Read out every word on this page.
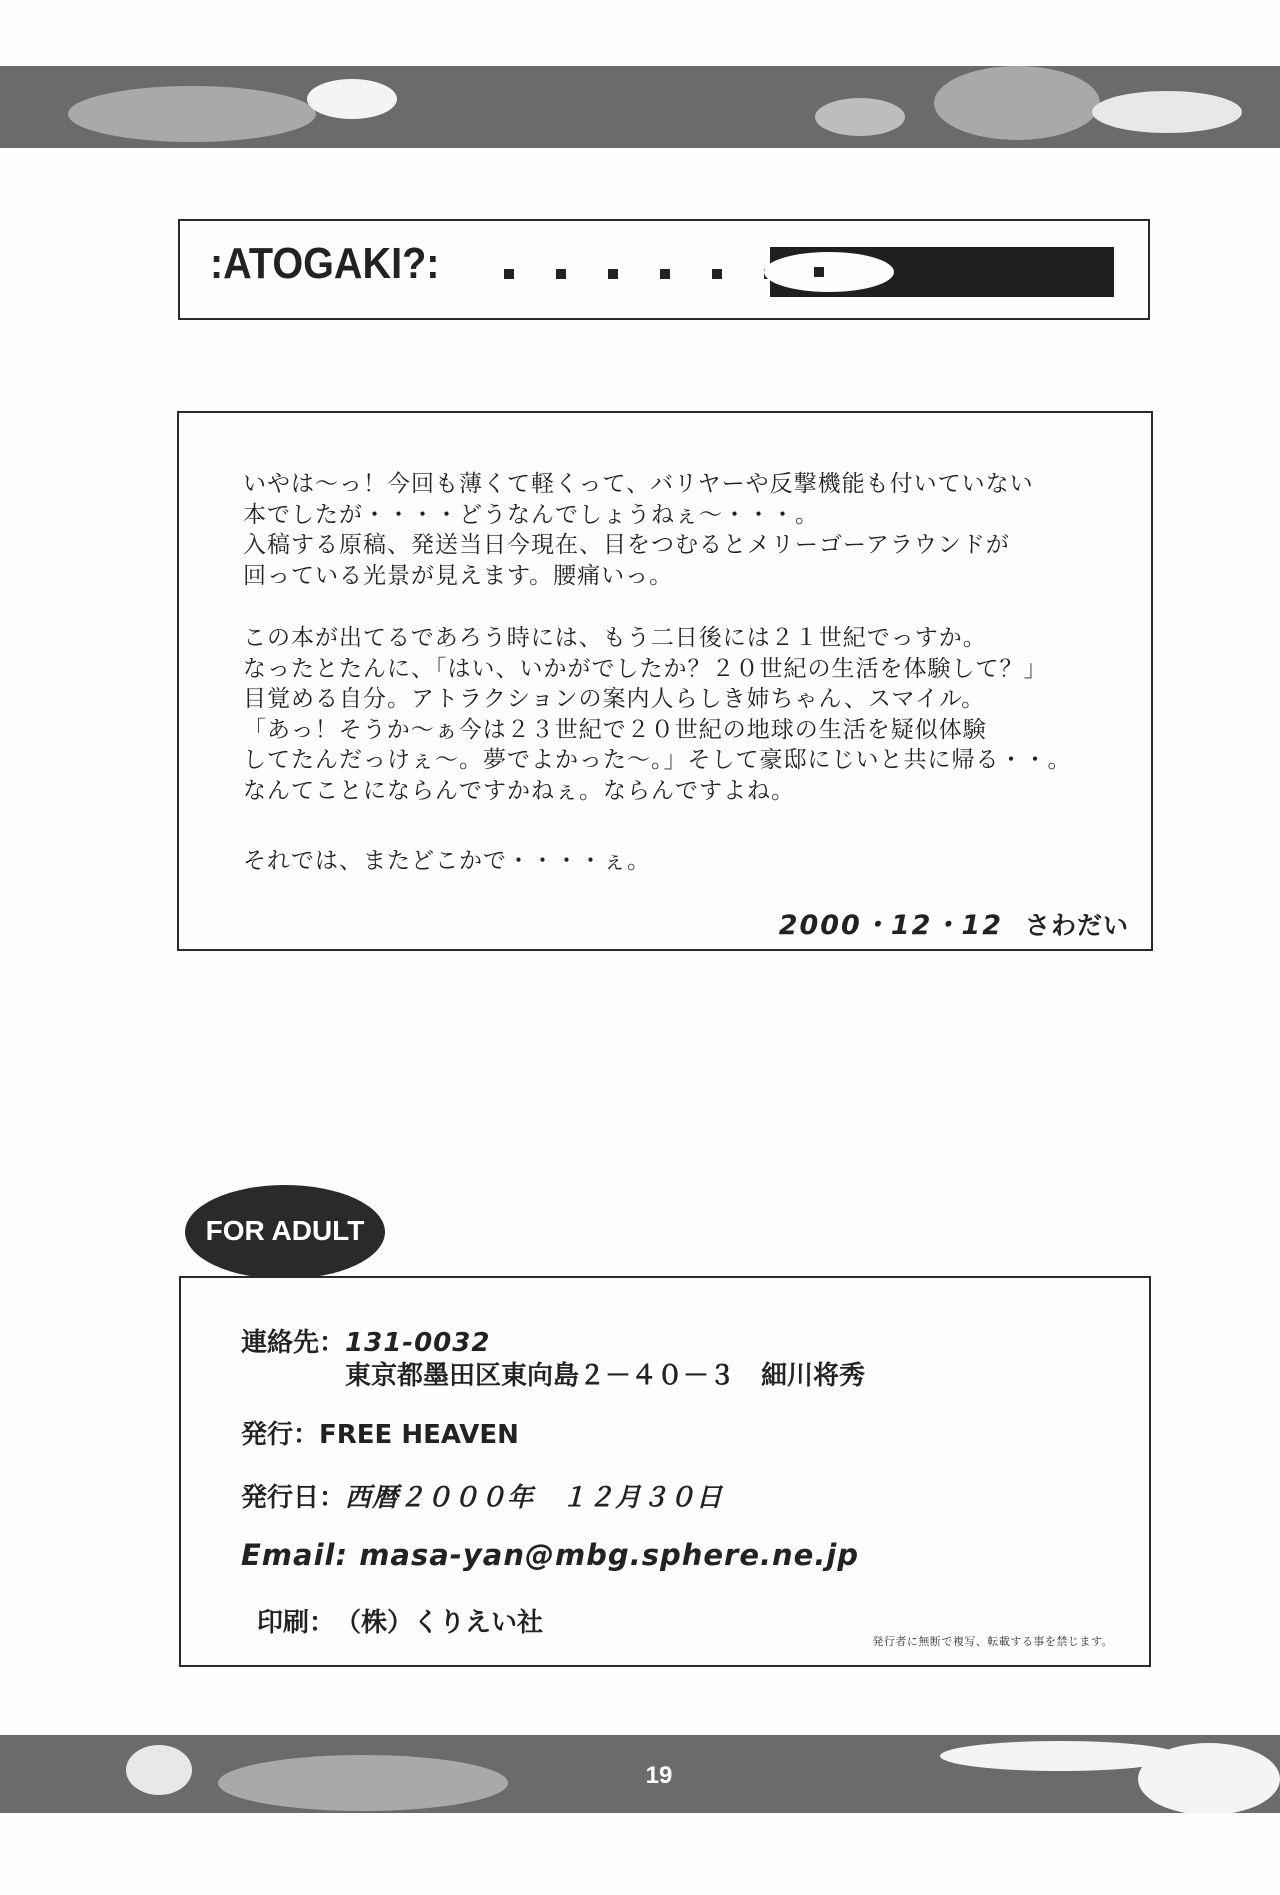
:ATOGAKI?:
いやは〜っ！今回も薄くて軽くって、バリヤーや反撃機能も付いていない
本でしたが・・・・どうなんでしょうねぇ〜・・・。
入稿する原稿、発送当日今現在、目をつむるとメリーゴーアラウンドが
回っている光景が見えます。腰痛いっ。
この本が出てるであろう時には、もう二日後には２１世紀でっすか。
なったとたんに、「はい、いかがでしたか？２０世紀の生活を体験して？」
目覚める自分。アトラクションの案内人らしき姉ちゃん、スマイル。
「あっ！そうか〜ぁ今は２３世紀で２０世紀の地球の生活を疑似体験
してたんだっけぇ〜。夢でよかった〜。」そして豪邸にじいと共に帰る・・。
なんてことにならんですかねぇ。ならんですよね。
それでは、またどこかで・・・・ぇ。
2000・12・12 さわだい
FOR ADULT
連絡先：131-0032
東京都墨田区東向島２－４０－３　細川将秀
発行：FREE HEAVEN
発行日：西暦２０００年　１２月３０日
Email: masa-yan@mbg.sphere.ne.jp
印刷：　 （株）くりえい社
発行者に無断で複写、転載する事を禁じます。
19
